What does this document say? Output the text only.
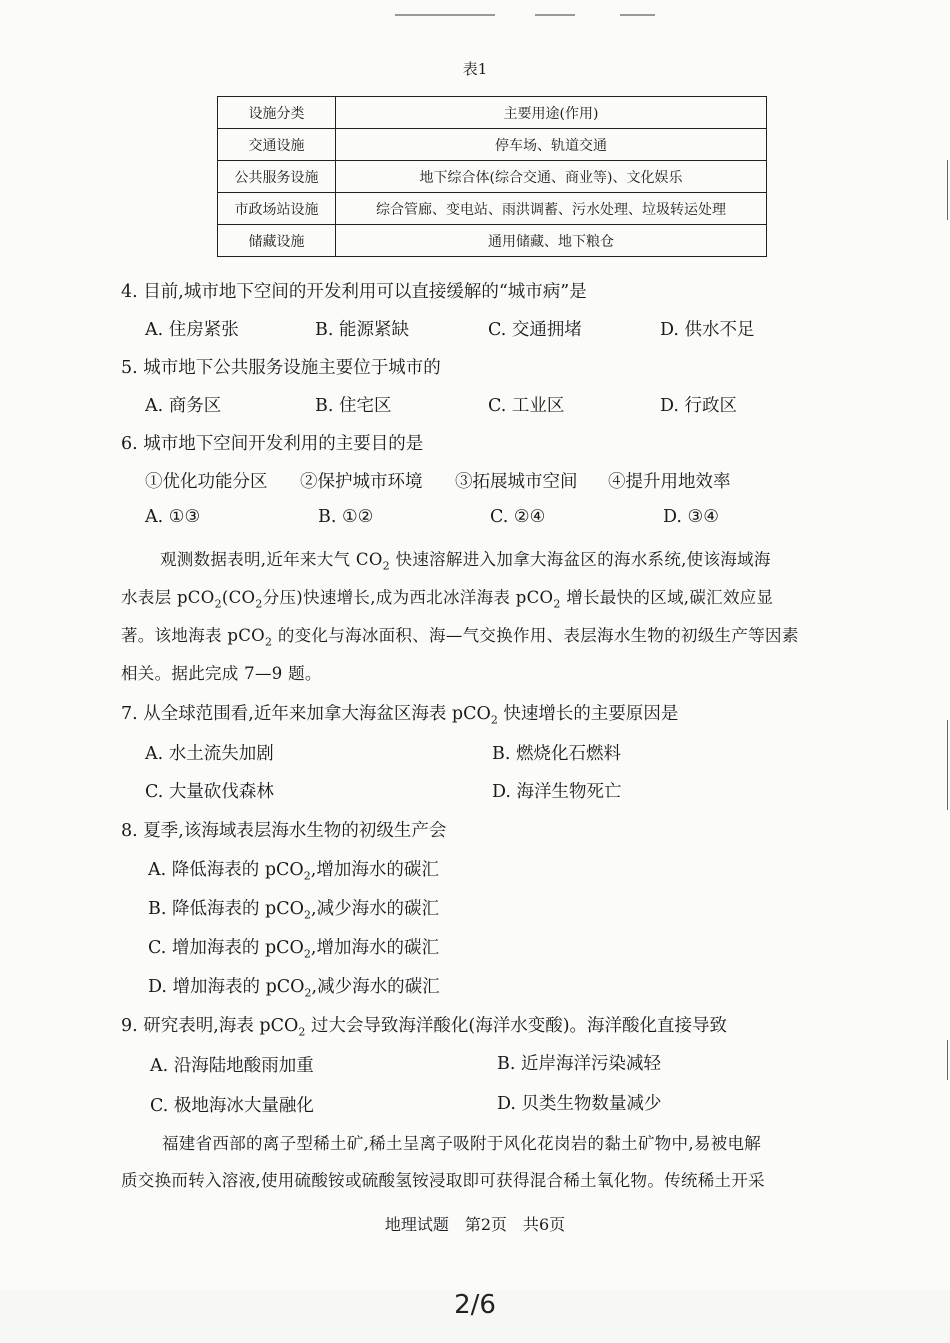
表1
设施分类	主要用途(作用)
交通设施	停车场、轨道交通
公共服务设施	地下综合体(综合交通、商业等)、文化娱乐
市政场站设施	综合管廊、变电站、雨洪调蓄、污水处理、垃圾转运处理
储藏设施	通用储藏、地下粮仓
4. 目前,城市地下空间的开发利用可以直接缓解的“城市病”是
A. 住房紧张	B. 能源紧缺	C. 交通拥堵	D. 供水不足
5. 城市地下公共服务设施主要位于城市的
A. 商务区	B. 住宅区	C. 工业区	D. 行政区
6. 城市地下空间开发利用的主要目的是
①优化功能分区 ②保护城市环境 ③拓展城市空间 ④提升用地效率
A. ①③	B. ①②	C. ②④	D. ③④
观测数据表明,近年来大气 $CO_2$ 快速溶解进入加拿大海盆区的海水系统,使该海域海
水表层 $pCO_2(CO_2$分压)快速增长,成为西北冰洋海表 pCO$_2$ 增长最快的区域,碳汇效应显
著。该地海表 pCO$_2$ 的变化与海冰面积、海—气交换作用、表层海水生物的初级生产等因素
相关。据此完成 7—9 题。
7. 从全球范围看,近年来加拿大海盆区海表 pCO$_2$ 快速增长的主要原因是
A. 水土流失加剧	B. 燃烧化石燃料
C. 大量砍伐森林	D. 海洋生物死亡
8. 夏季,该海域表层海水生物的初级生产会
A. 降低海表的 pCO$_2$,增加海水的碳汇
B. 降低海表的 pCO$_2$,减少海水的碳汇
C. 增加海表的 pCO$_2$,增加海水的碳汇
D. 增加海表的 pCO$_2$,减少海水的碳汇
9. 研究表明,海表 pCO$_2$ 过大会导致海洋酸化(海洋水变酸)。海洋酸化直接导致
A. 沿海陆地酸雨加重	B. 近岸海洋污染减轻
C. 极地海冰大量融化	D. 贝类生物数量减少
福建省西部的离子型稀土矿,稀土呈离子吸附于风化花岗岩的黏土矿物中,易被电解
质交换而转入溶液,使用硫酸铵或硫酸氢铵浸取即可获得混合稀土氧化物。传统稀土开采
地理试题　第2页　共6页
2/6
